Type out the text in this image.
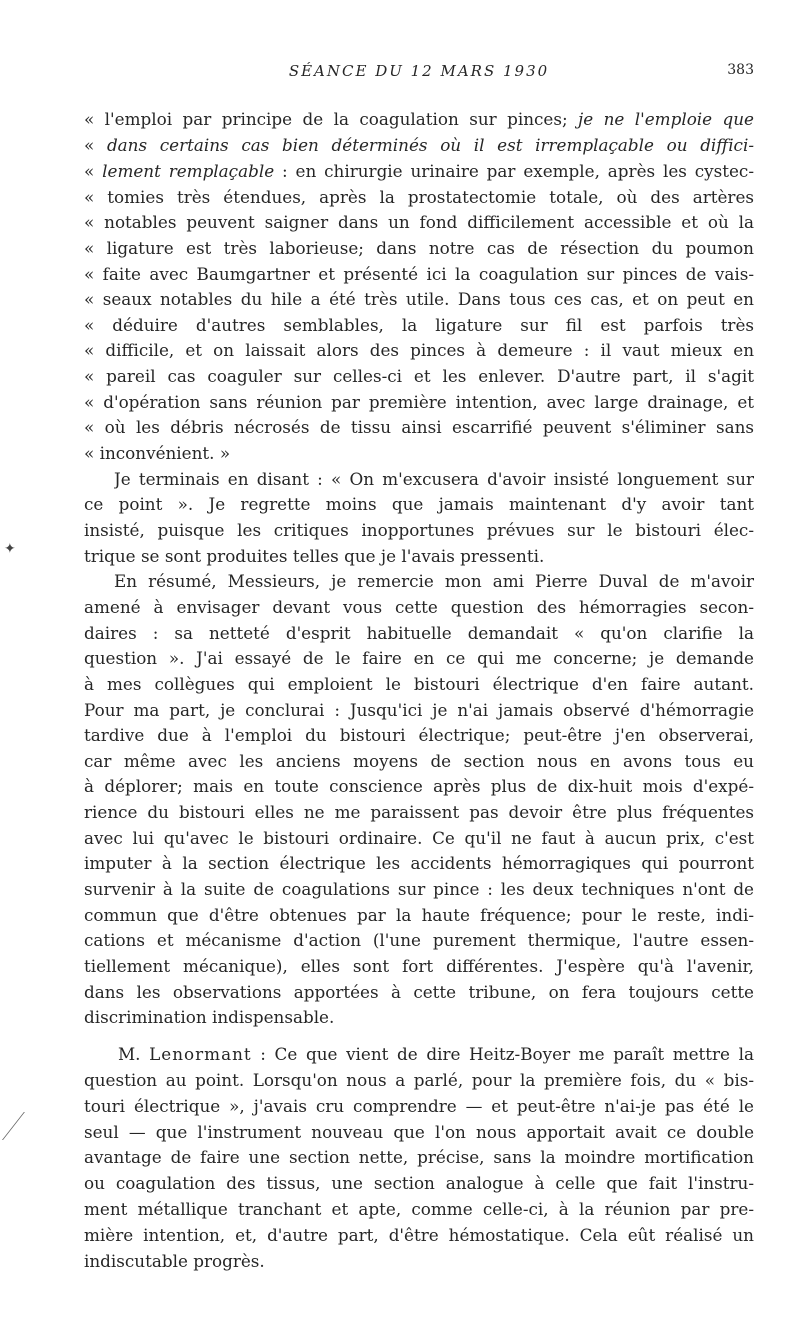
SÉANCE DU 12 MARS 1930	383
« l'emploi par principe de la coagulation sur pinces; je ne l'emploie que
« dans certains cas bien déterminés où il est irremplaçable ou diffici-
« lement remplaçable : en chirurgie urinaire par exemple, après les cystec-
« tomies très étendues, après la prostatectomie totale, où des artères
« notables peuvent saigner dans un fond difficilement accessible et où la
« ligature est très laborieuse; dans notre cas de résection du poumon
« faite avec Baumgartner et présenté ici la coagulation sur pinces de vais-
« seaux notables du hile a été très utile. Dans tous ces cas, et on peut en
« déduire d'autres semblables, la ligature sur fil est parfois très
« difficile, et on laissait alors des pinces à demeure : il vaut mieux en
« pareil cas coaguler sur celles-ci et les enlever. D'autre part, il s'agit
« d'opération sans réunion par première intention, avec large drainage, et
« où les débris nécrosés de tissu ainsi escarrifié peuvent s'éliminer sans
« inconvénient. »
Je terminais en disant : « On m'excusera d'avoir insisté longuement sur
ce point ». Je regrette moins que jamais maintenant d'y avoir tant
insisté, puisque les critiques inopportunes prévues sur le bistouri élec-
trique se sont produites telles que je l'avais pressenti.
En résumé, Messieurs, je remercie mon ami Pierre Duval de m'avoir
amené à envisager devant vous cette question des hémorragies secon-
daires : sa netteté d'esprit habituelle demandait « qu'on clarifie la
question ». J'ai essayé de le faire en ce qui me concerne; je demande
à mes collègues qui emploient le bistouri électrique d'en faire autant.
Pour ma part, je conclurai : Jusqu'ici je n'ai jamais observé d'hémorragie
tardive due à l'emploi du bistouri électrique; peut-être j'en observerai,
car même avec les anciens moyens de section nous en avons tous eu
à déplorer; mais en toute conscience après plus de dix-huit mois d'expé-
rience du bistouri elles ne me paraissent pas devoir être plus fréquentes
avec lui qu'avec le bistouri ordinaire. Ce qu'il ne faut à aucun prix, c'est
imputer à la section électrique les accidents hémorragiques qui pourront
survenir à la suite de coagulations sur pince : les deux techniques n'ont de
commun que d'être obtenues par la haute fréquence; pour le reste, indi-
cations et mécanisme d'action (l'une purement thermique, l'autre essen-
tiellement mécanique), elles sont fort différentes. J'espère qu'à l'avenir,
dans les observations apportées à cette tribune, on fera toujours cette
discrimination indispensable.
M. Lenormant : Ce que vient de dire Heitz-Boyer me paraît mettre la
question au point. Lorsqu'on nous a parlé, pour la première fois, du « bis-
touri électrique », j'avais cru comprendre — et peut-être n'ai-je pas été le
seul — que l'instrument nouveau que l'on nous apportait avait ce double
avantage de faire une section nette, précise, sans la moindre mortification
ou coagulation des tissus, une section analogue à celle que fait l'instru-
ment métallique tranchant et apte, comme celle-ci, à la réunion par pre-
mière intention, et, d'autre part, d'être hémostatique. Cela eût réalisé un
indiscutable progrès.
✦
